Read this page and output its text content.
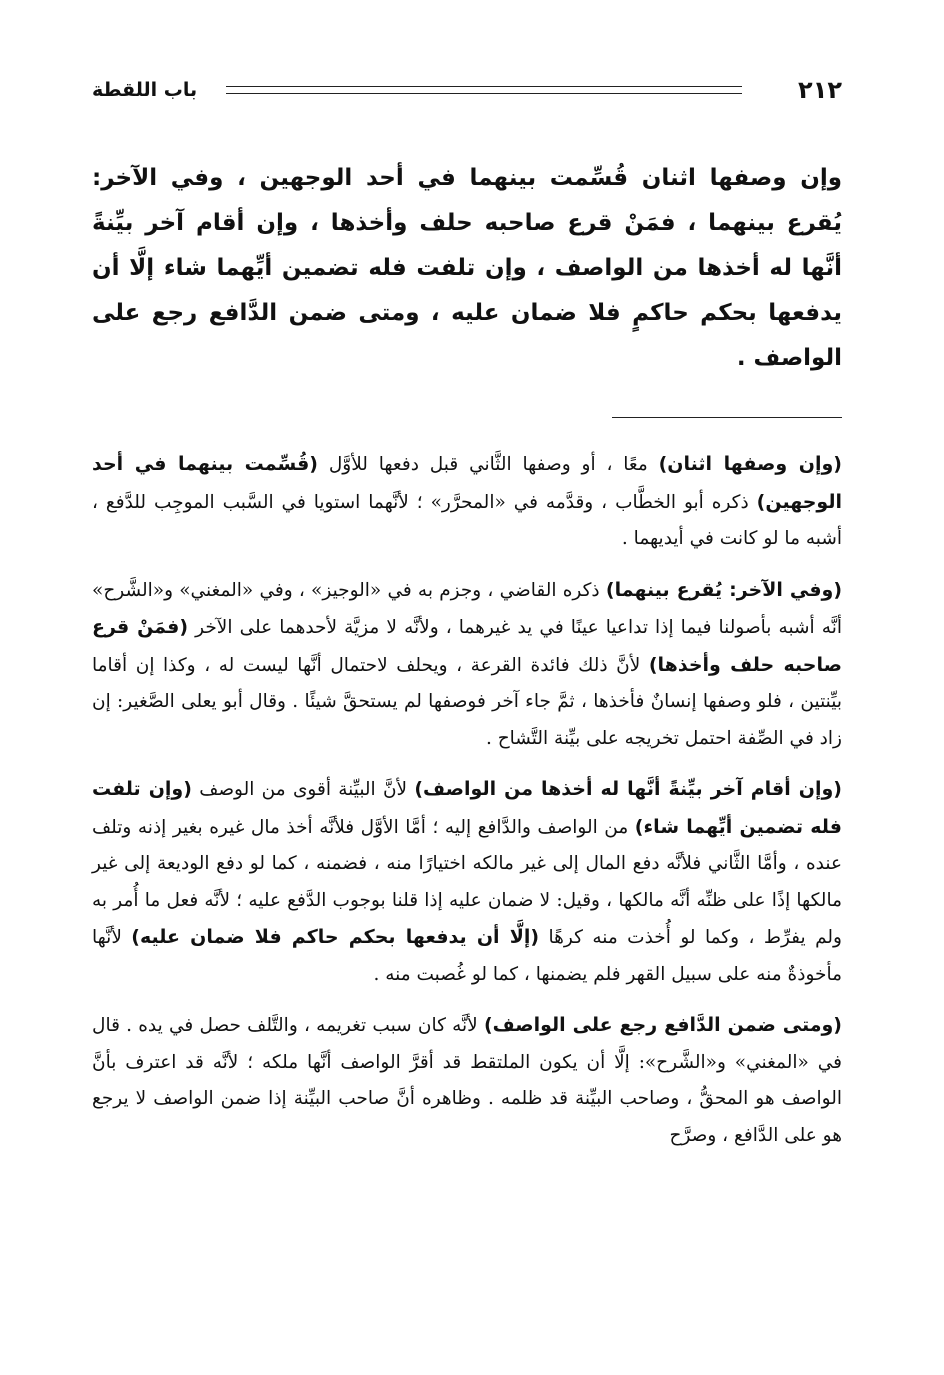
٢١٢
باب اللقطة
وإن وصفها اثنان قُسِّمت بينهما في أحد الوجهين ، وفي الآخر: يُقرع بينهما ، فمَنْ قرع صاحبه حلف وأخذها ، وإن أقام آخر بيِّنةً أنَّها له أخذها من الواصف ، وإن تلفت فله تضمين أيِّهما شاء إلَّا أن يدفعها بحكم حاكمٍ فلا ضمان عليه ، ومتى ضمن الدَّافع رجع على الواصف .

(وإن وصفها اثنان) معًا ، أو وصفها الثَّاني قبل دفعها للأوَّل (قُسِّمت بينهما في أحد الوجهين) ذكره أبو الخطَّاب ، وقدَّمه في «المحرَّر» ؛ لأنَّهما استويا في السَّبب الموجِب للدَّفع ، أشبه ما لو كانت في أيديهما .

(وفي الآخر: يُقرع بينهما) ذكره القاضي ، وجزم به في «الوجيز» ، وفي «المغني» و«الشَّرح» أنَّه أشبه بأصولنا فيما إذا تداعيا عينًا في يد غيرهما ، ولأنَّه لا مزيَّة لأحدهما على الآخر (فمَنْ قرع صاحبه حلف وأخذها) لأنَّ ذلك فائدة القرعة ، ويحلف لاحتمال أنَّها ليست له ، وكذا إن أقاما بيِّنتين ، فلو وصفها إنسانٌ فأخذها ، ثمَّ جاء آخر فوصفها لم يستحقَّ شيئًا . وقال أبو يعلى الصَّغير: إن زاد في الصِّفة احتمل تخريجه على بيِّنة التَّشاح .

(وإن أقام آخر بيِّنةً أنَّها له أخذها من الواصف) لأنَّ البيِّنة أقوى من الوصف (وإن تلفت فله تضمين أيِّهما شاء) من الواصف والدَّافع إليه ؛ أمَّا الأوَّل فلأنَّه أخذ مال غيره بغير إذنه وتلف عنده ، وأمَّا الثَّاني فلأنَّه دفع المال إلى غير مالكه اختيارًا منه ، فضمنه ، كما لو دفع الوديعة إلى غير مالكها إذًا على ظنِّه أنَّه مالكها ، وقيل: لا ضمان عليه إذا قلنا بوجوب الدَّفع عليه ؛ لأنَّه فعل ما أُمر به ولم يفرِّط ، وكما لو أُخذت منه كرهًا (إلَّا أن يدفعها بحكم حاكم فلا ضمان عليه) لأنَّها مأخوذةٌ منه على سبيل القهر فلم يضمنها ، كما لو غُصبت منه .

(ومتى ضمن الدَّافع رجع على الواصف) لأنَّه كان سبب تغريمه ، والتَّلف حصل في يده . قال في «المغني» و«الشَّرح»: إلَّا أن يكون الملتقط قد أقرَّ الواصف أنَّها ملكه ؛ لأنَّه قد اعترف بأنَّ الواصف هو المحقُّ ، وصاحب البيِّنة قد ظلمه . وظاهره أنَّ صاحب البيِّنة إذا ضمن الواصف لا يرجع هو على الدَّافع ، وصرَّح
